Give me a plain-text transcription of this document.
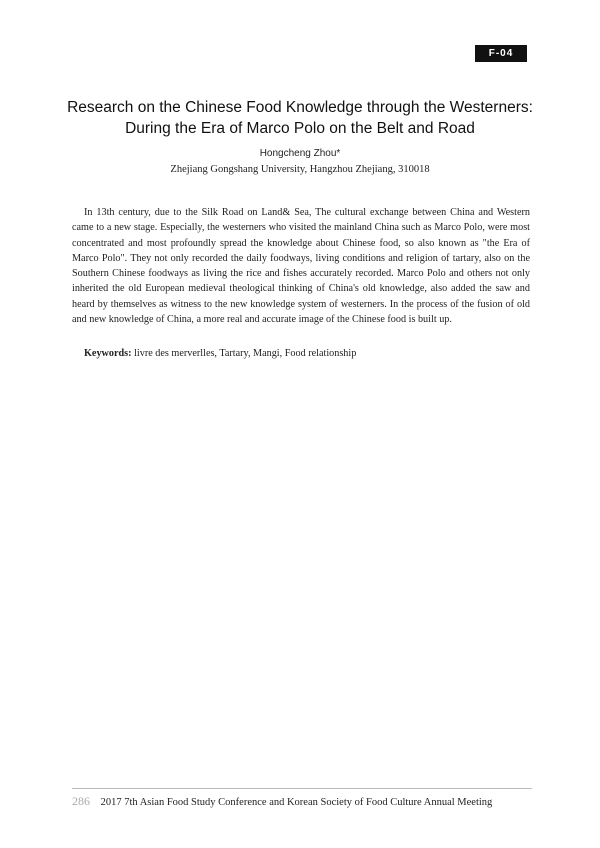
F-04
Research on the Chinese Food Knowledge through the Westerners:
During the Era of Marco Polo on the Belt and Road
Hongcheng Zhou*
Zhejiang Gongshang University, Hangzhou Zhejiang, 310018

In 13th century, due to the Silk Road on Land& Sea, The cultural exchange between China and Western came to a new stage. Especially, the westerners who visited the mainland China such as Marco Polo, were most concentrated and most profoundly spread the knowledge about Chinese food, so also known as "the Era of Marco Polo". They not only recorded the daily foodways, living conditions and religion of tartary, also on the Southern Chinese foodways as living the rice and fishes accurately recorded. Marco Polo and others not only inherited the old European medieval theological thinking of China's old knowledge, also added the saw and heard by themselves as witness to the new knowledge system of westerners. In the process of the fusion of old and new knowledge of China, a more real and accurate image of the Chinese food is built up.

Keywords: livre des merverlles, Tartary, Mangi, Food relationship
286 2017 7th Asian Food Study Conference and Korean Society of Food Culture Annual Meeting
